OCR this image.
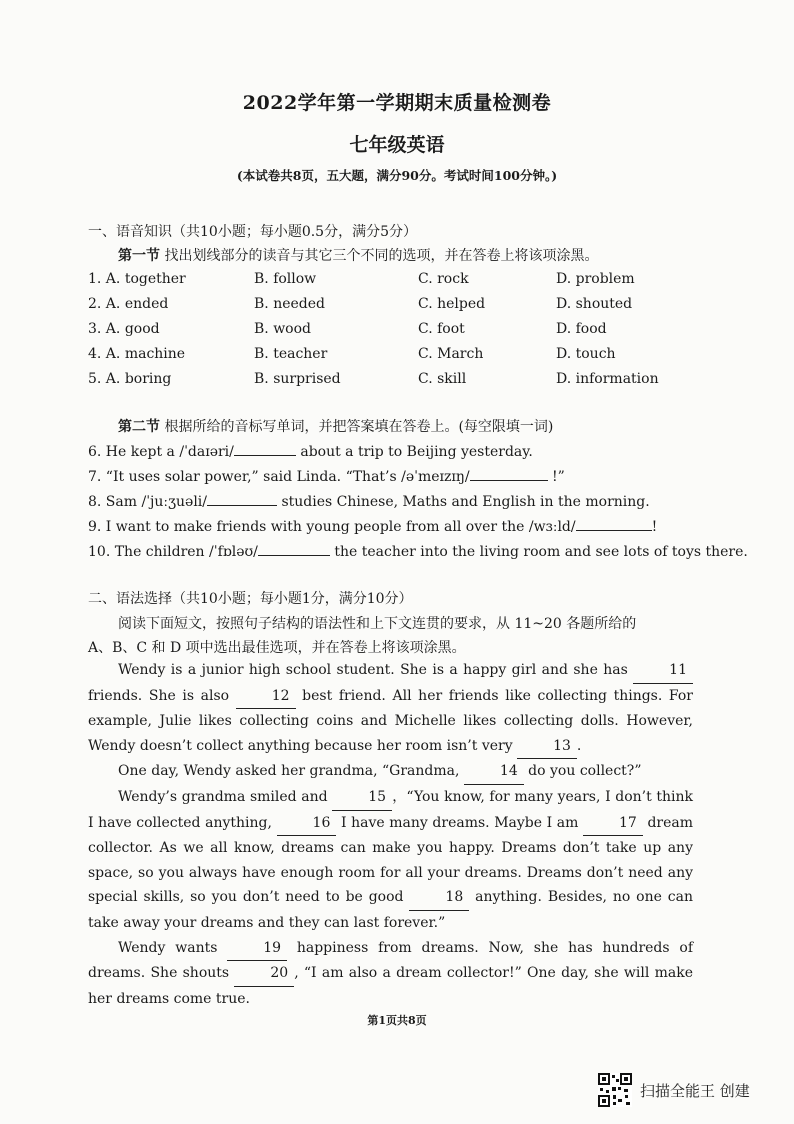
2022学年第一学期期末质量检测卷
七年级英语
(本试卷共8页，五大题，满分90分。考试时间100分钟。)
一、语音知识（共10小题；每小题0.5分，满分5分）
第一节 找出划线部分的读音与其它三个不同的选项，并在答卷上将该项涂黑。
1. A. together	B. follow	C. rock	D. problem
2. A. ended	B. needed	C. helped	D. shouted
3. A. good	B. wood	C. foot	D. food
4. A. machine	B. teacher	C. March	D. touch
5. A. boring	B. surprised	C. skill	D. information
第二节 根据所给的音标写单词，并把答案填在答卷上。(每空限填一词)
6. He kept a /ˈdaɪəri/	about a trip to Beijing yesterday.
7. “It uses solar power,” said Linda. “That’s /əˈmeɪzɪŋ/	!”
8. Sam /ˈjuːʒuəli/	studies Chinese, Maths and English in the morning.
9. I want to make friends with young people from all over the /wɜːld/	!
10. The children /ˈfɒləʊ/	the teacher into the living room and see lots of toys there.
二、语法选择（共10小题；每小题1分，满分10分）
阅读下面短文，按照句子结构的语法性和上下文连贯的要求，从 11~20 各题所给的
A、B、C 和 D 项中选出最佳选项，并在答卷上将该项涂黑。

Wendy is a junior high school student. She is a happy girl and she has	11 friends. She is also	12 best friend. All her friends like collecting things. For example, Julie likes collecting coins and Michelle likes collecting dolls. However, Wendy doesn’t collect anything because her room isn’t very	13 .

One day, Wendy asked her grandma, “Grandma,	14 do you collect?”

Wendy’s grandma smiled and	15 ，“You know, for many years, I don’t think I have collected anything,	16 I have many dreams. Maybe I am	17 dream collector. As we all know, dreams can make you happy. Dreams don’t take up any space, so you always have enough room for all your dreams. Dreams don’t need any special skills, so you don’t need to be good	18 anything. Besides, no one can take away your dreams and they can last forever.”

Wendy wants	19 happiness from dreams. Now, she has hundreds of dreams. She shouts	20 , “I am also a dream collector!” One day, she will make her dreams come true.

第1页共8页
扫描全能王 创建
